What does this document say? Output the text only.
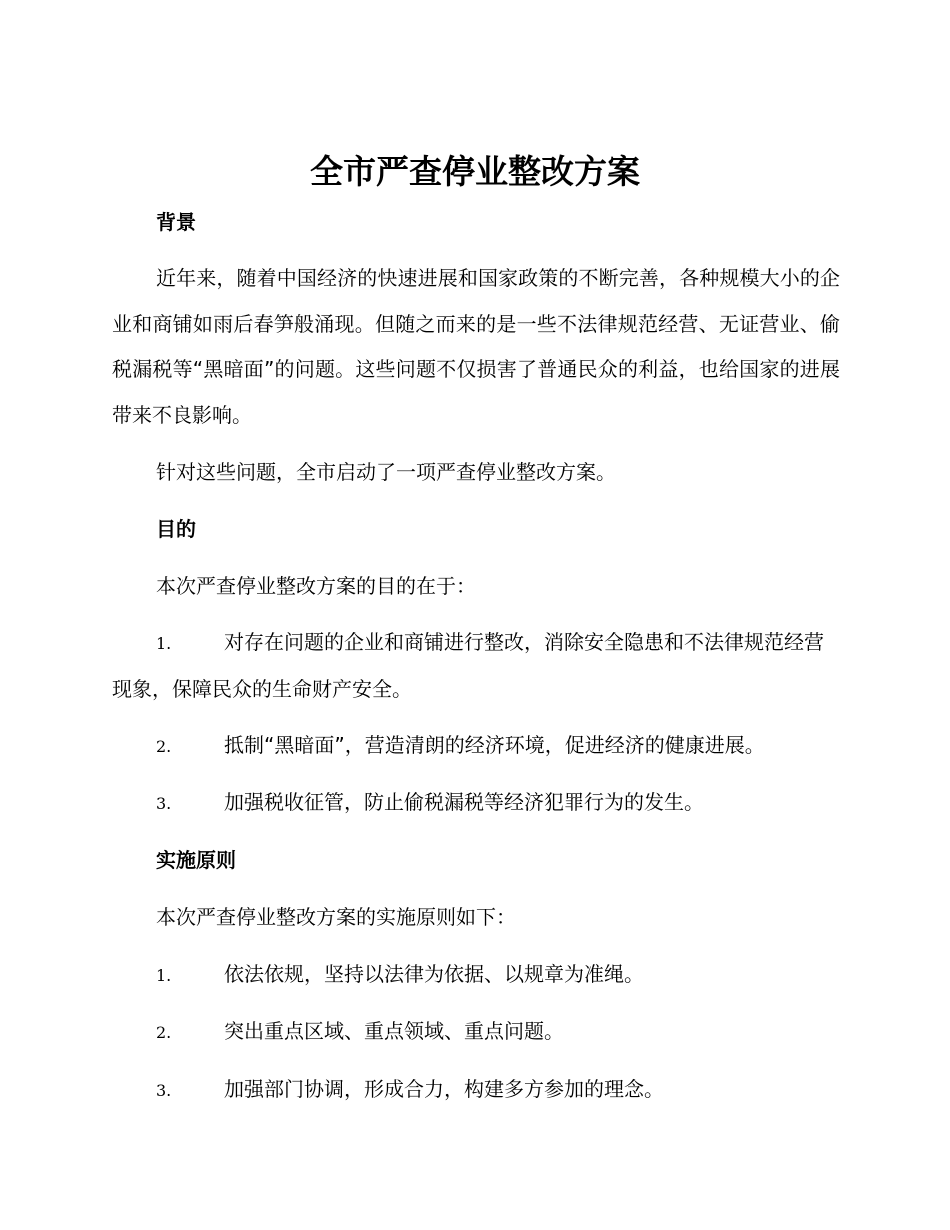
全市严查停业整改方案
背景
近年来，随着中国经济的快速进展和国家政策的不断完善，各种规模大小的企业和商铺如雨后春笋般涌现。但随之而来的是一些不法律规范经营、无证营业、偷税漏税等“黑暗面”的问题。这些问题不仅损害了普通民众的利益，也给国家的进展带来不良影响。
针对这些问题，全市启动了一项严查停业整改方案。
目的
本次严查停业整改方案的目的在于：
1.	对存在问题的企业和商铺进行整改，消除安全隐患和不法律规范经营现象，保障民众的生命财产安全。
2.	抵制“黑暗面”，营造清朗的经济环境，促进经济的健康进展。
3.	加强税收征管，防止偷税漏税等经济犯罪行为的发生。
实施原则
本次严查停业整改方案的实施原则如下：
1.	依法依规，坚持以法律为依据、以规章为准绳。
2.	突出重点区域、重点领域、重点问题。
3.	加强部门协调，形成合力，构建多方参加的理念。
